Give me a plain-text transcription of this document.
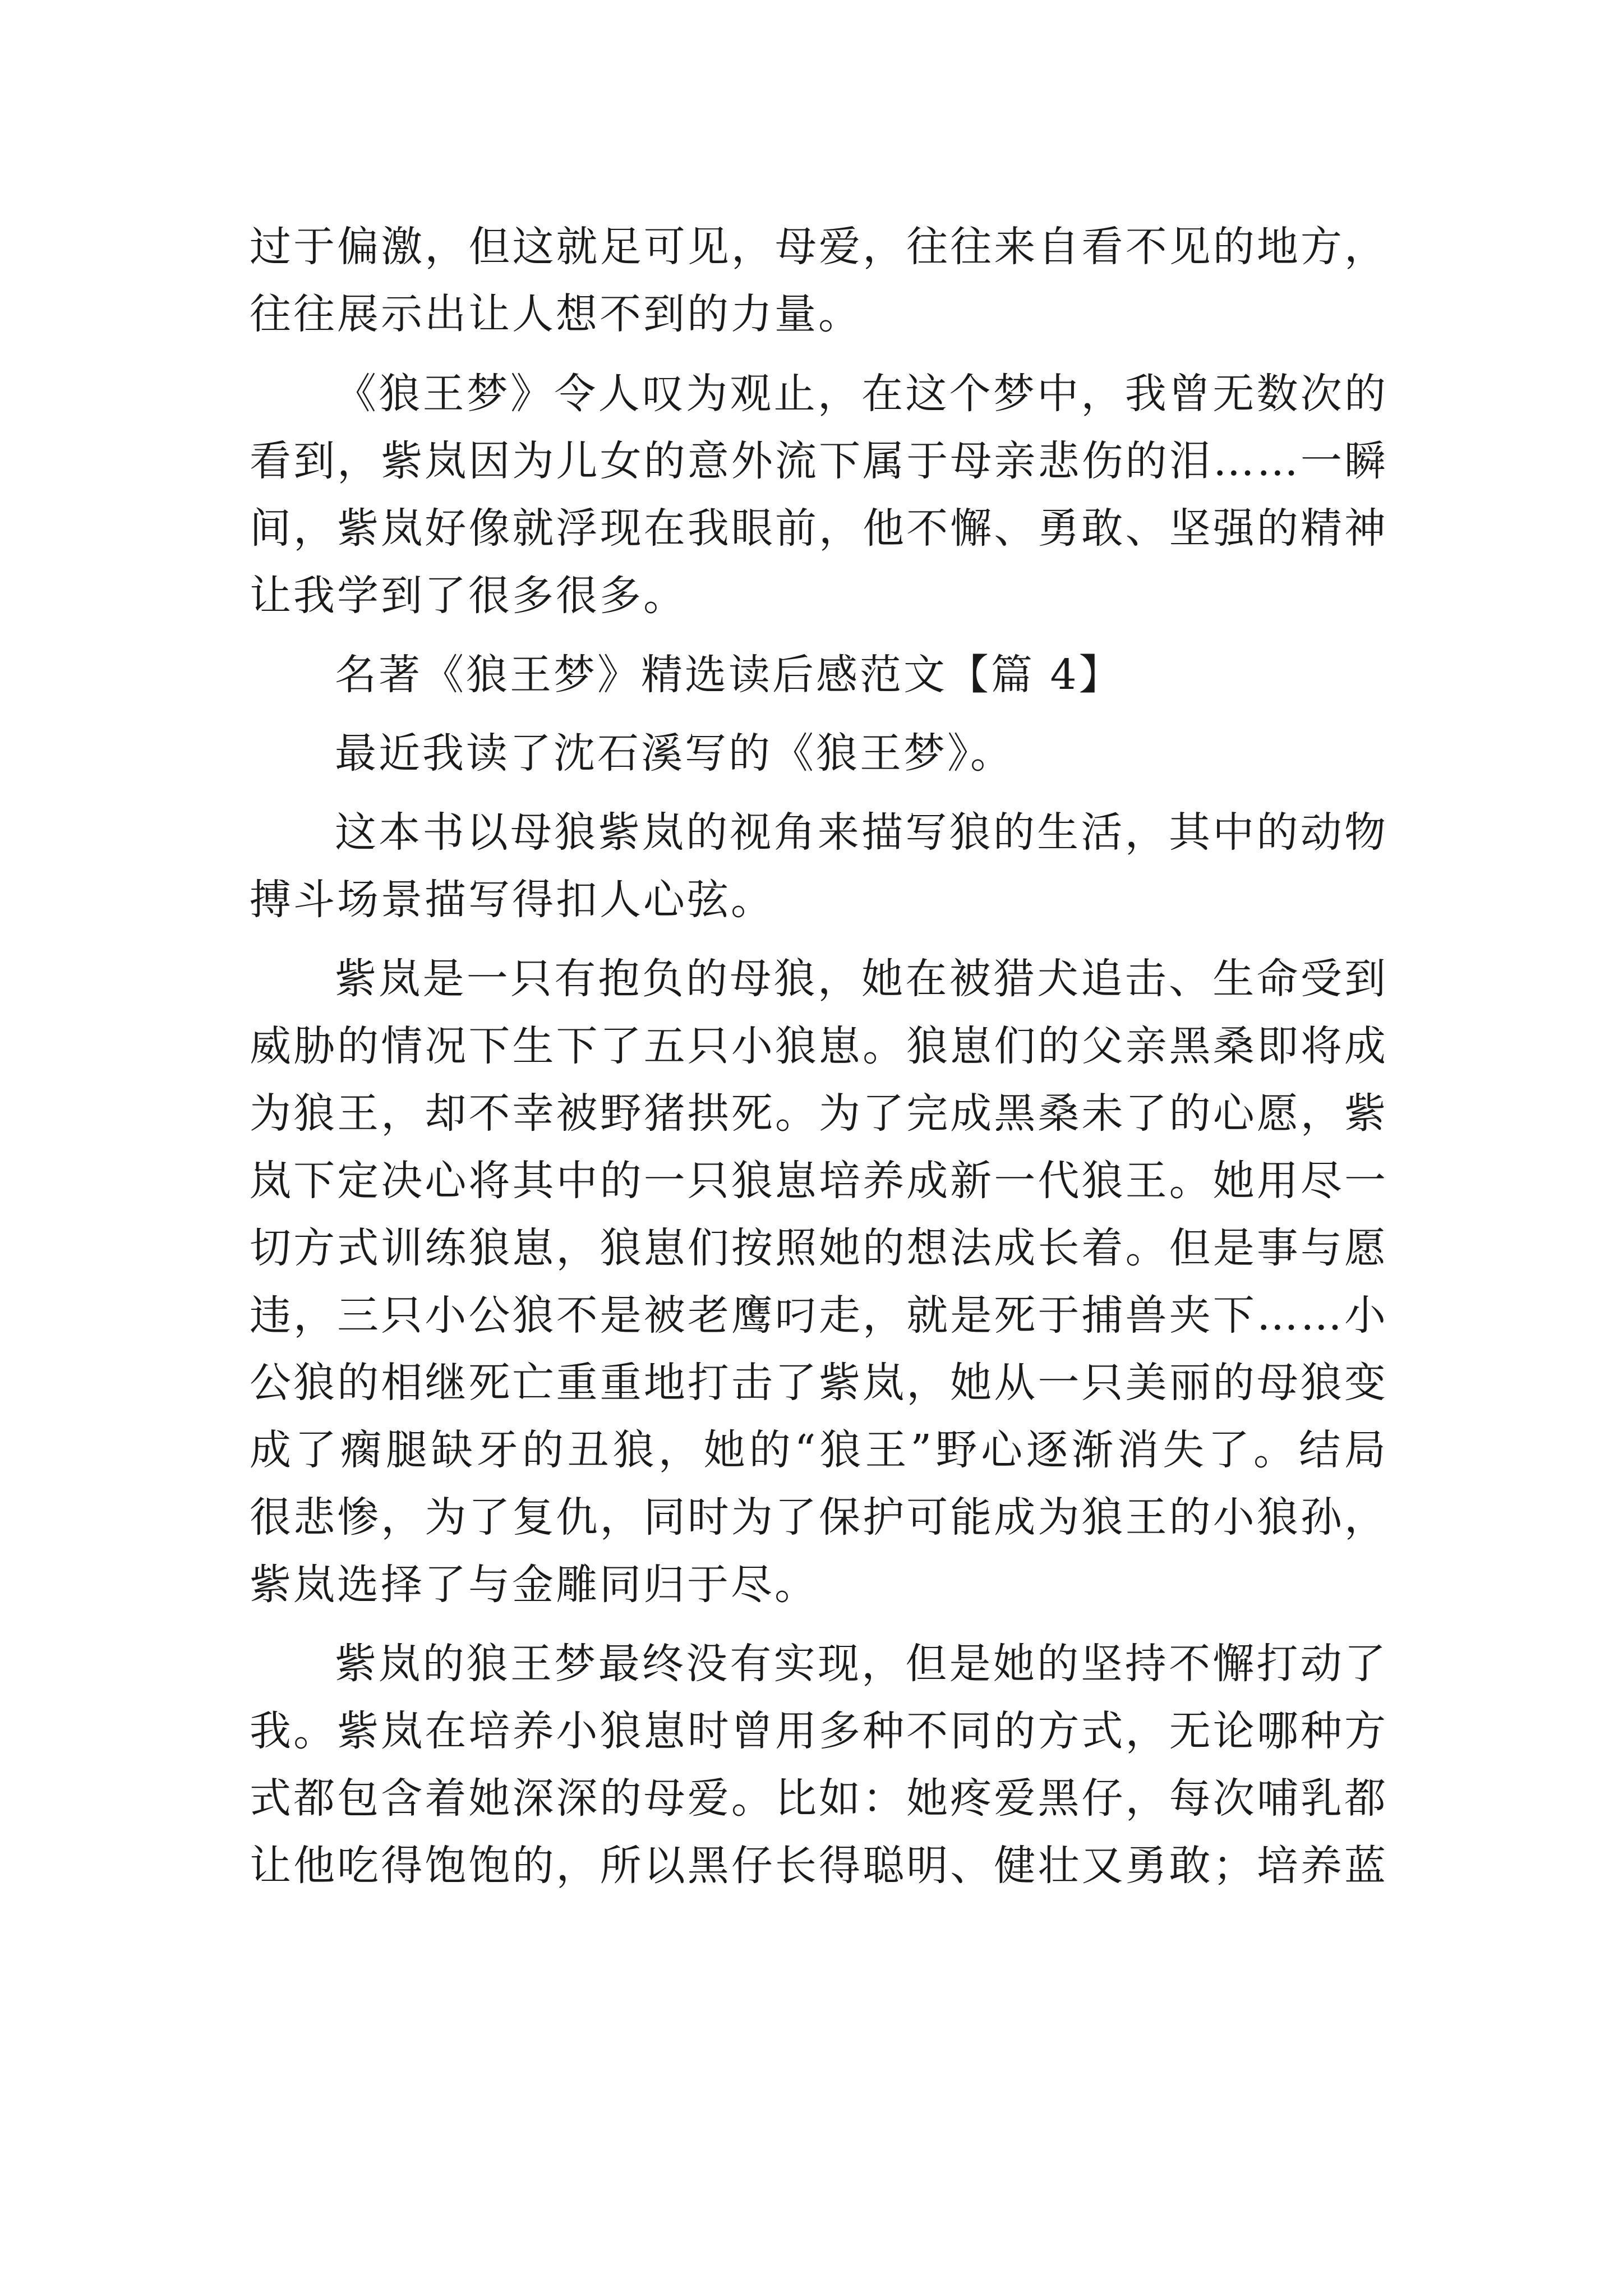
过于偏激，但这就足可见，母爱，往往来自看不见的地方，
往往展示出让人想不到的力量。
《狼王梦》令人叹为观止，在这个梦中，我曾无数次的
看到，紫岚因为儿女的意外流下属于母亲悲伤的泪……一瞬
间，紫岚好像就浮现在我眼前，他不懈、勇敢、坚强的精神
让我学到了很多很多。
名著《狼王梦》精选读后感范文【篇 4】
最近我读了沈石溪写的《狼王梦》。
这本书以母狼紫岚的视角来描写狼的生活，其中的动物
搏斗场景描写得扣人心弦。
紫岚是一只有抱负的母狼，她在被猎犬追击、生命受到
威胁的情况下生下了五只小狼崽。狼崽们的父亲黑桑即将成
为狼王，却不幸被野猪拱死。为了完成黑桑未了的心愿，紫
岚下定决心将其中的一只狼崽培养成新一代狼王。她用尽一
切方式训练狼崽，狼崽们按照她的想法成长着。但是事与愿
违，三只小公狼不是被老鹰叼走，就是死于捕兽夹下……小
公狼的相继死亡重重地打击了紫岚，她从一只美丽的母狼变
成了瘸腿缺牙的丑狼，她的“狼王”野心逐渐消失了。结局
很悲惨，为了复仇，同时为了保护可能成为狼王的小狼孙，
紫岚选择了与金雕同归于尽。
紫岚的狼王梦最终没有实现，但是她的坚持不懈打动了
我。紫岚在培养小狼崽时曾用多种不同的方式，无论哪种方
式都包含着她深深的母爱。比如：她疼爱黑仔，每次哺乳都
让他吃得饱饱的，所以黑仔长得聪明、健壮又勇敢；培养蓝
